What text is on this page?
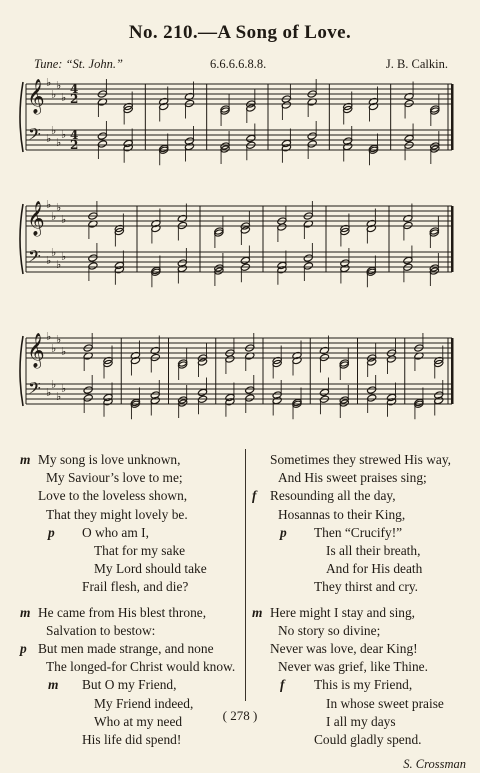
No. 210.—A Song of Love.
Tune: “St. John.”	6.6.6.6.8.8.	J. B. Calkin.
𝄞
𝄢
♭
♭
♭
♭
♭
♭
♭
♭
4
4
2
2
𝄞
𝄢
♭
♭
♭
♭
♭
♭
♭
♭
𝄞
𝄢
♭
♭
♭
♭
♭
♭
♭
♭
m My song is love unknown,
My Saviour’s love to me;
Love to the loveless shown,
That they might lovely be.
p O who am I,
That for my sake
My Lord should take
Frail flesh, and die?
m He came from His blest throne,
Salvation to bestow:
p But men made strange, and none
The longed-for Christ would know.
m But O my Friend,
My Friend indeed,
Who at my need
His life did spend!
Sometimes they strewed His way,
And His sweet praises sing;
f Resounding all the day,
Hosannas to their King,
p Then “Crucify!”
Is all their breath,
And for His death
They thirst and cry.
m Here might I stay and sing,
No story so divine;
Never was love, dear King!
Never was grief, like Thine.
f This is my Friend,
In whose sweet praise
I all my days
Could gladly spend.
S. Crossman
( 278 )
